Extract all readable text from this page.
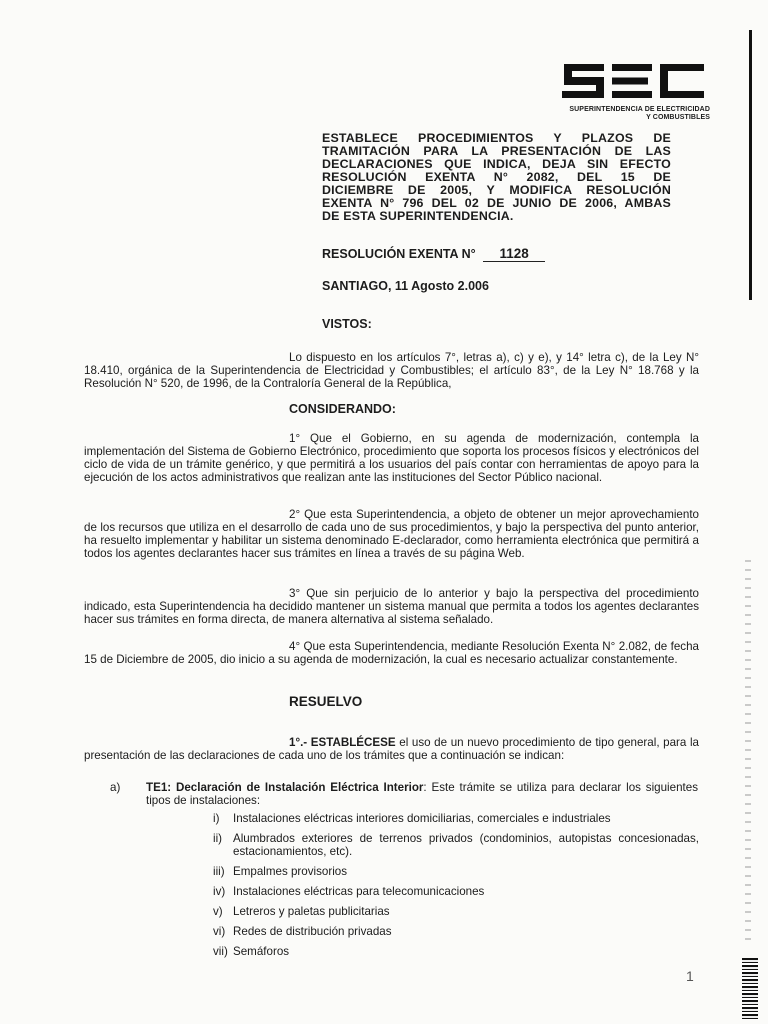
SUPERINTENDENCIA DE ELECTRICIDAD
Y COMBUSTIBLES
ESTABLECE PROCEDIMIENTOS Y PLAZOS DE
TRAMITACIÓN PARA LA PRESENTACIÓN DE LAS
DECLARACIONES QUE INDICA, DEJA SIN EFECTO
RESOLUCIÓN EXENTA N° 2082, DEL 15 DE
DICIEMBRE DE 2005, Y MODIFICA RESOLUCIÓN
EXENTA N° 796 DEL 02 DE JUNIO DE 2006, AMBAS
DE ESTA SUPERINTENDENCIA.
RESOLUCIÓN EXENTA N° 1128
SANTIAGO, 11 Agosto 2.006
VISTOS:
Lo dispuesto en los artículos 7°, letras a), c) y e), y 14° letra c), de la Ley N° 18.410, orgánica de la Superintendencia de Electricidad y Combustibles; el artículo 83°, de la Ley N° 18.768 y la Resolución N° 520, de 1996, de la Contraloría General de la República,
CONSIDERANDO:
1° Que el Gobierno, en su agenda de modernización, contempla la implementación del Sistema de Gobierno Electrónico, procedimiento que soporta los procesos físicos y electrónicos del ciclo de vida de un trámite genérico, y que permitirá a los usuarios del país contar con herramientas de apoyo para la ejecución de los actos administrativos que realizan ante las instituciones del Sector Público nacional.
2° Que esta Superintendencia, a objeto de obtener un mejor aprovechamiento de los recursos que utiliza en el desarrollo de cada uno de sus procedimientos, y bajo la perspectiva del punto anterior, ha resuelto implementar y habilitar un sistema denominado E-declarador, como herramienta electrónica que permitirá a todos los agentes declarantes hacer sus trámites en línea a través de su página Web.
3° Que sin perjuicio de lo anterior y bajo la perspectiva del procedimiento indicado, esta Superintendencia ha decidido mantener un sistema manual que permita a todos los agentes declarantes hacer sus trámites en forma directa, de manera alternativa al sistema señalado.
4° Que esta Superintendencia, mediante Resolución Exenta N° 2.082, de fecha 15 de Diciembre de 2005, dio inicio a su agenda de modernización, la cual es necesario actualizar constantemente.
RESUELVO
1°.- ESTABLÉCESE el uso de un nuevo procedimiento de tipo general, para la presentación de las declaraciones de cada uno de los trámites que a continuación se indican:
a) TE1: Declaración de Instalación Eléctrica Interior: Este trámite se utiliza para declarar los siguientes tipos de instalaciones:
i) Instalaciones eléctricas interiores domiciliarias, comerciales e industriales
ii) Alumbrados exteriores de terrenos privados (condominios, autopistas concesionadas, estacionamientos, etc).
iii) Empalmes provisorios
iv) Instalaciones eléctricas para telecomunicaciones
v) Letreros y paletas publicitarias
vi) Redes de distribución privadas
vii) Semáforos
1
